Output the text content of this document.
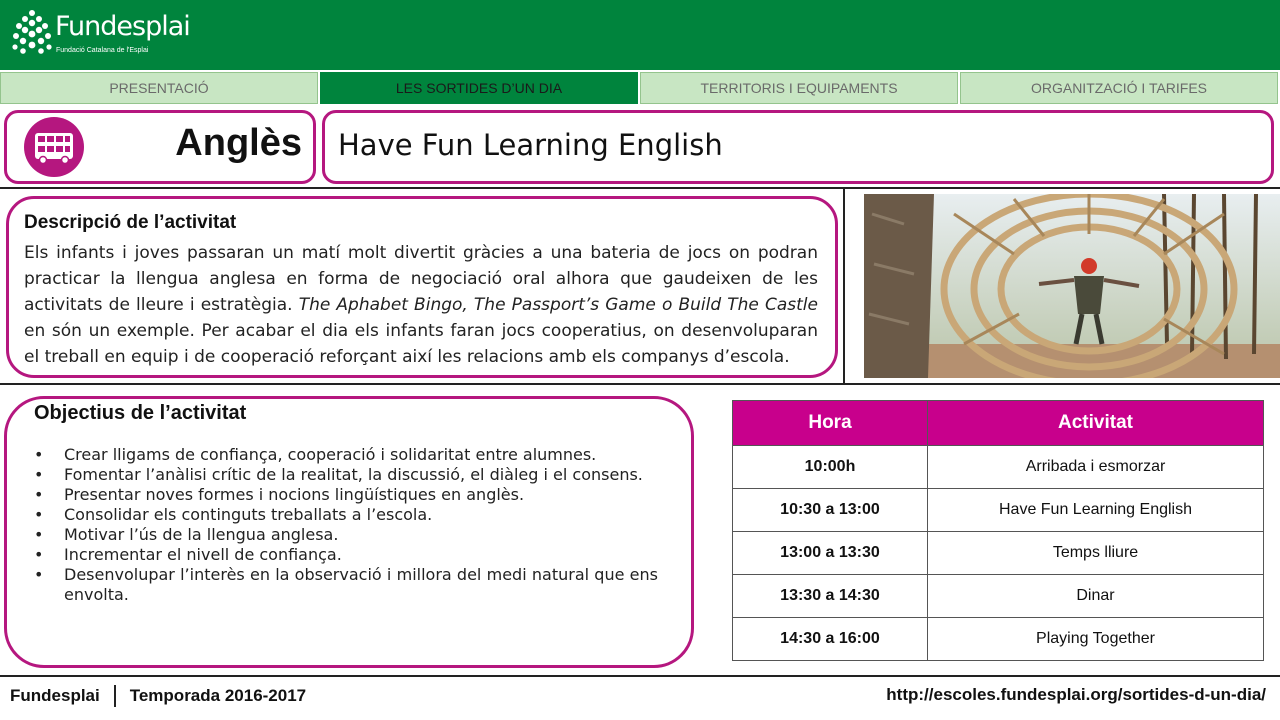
Fundesplai
Fundació Catalana de l'Esplai
PRESENTACIÓ	LES SORTIDES D’UN DIA	TERRITORIS I EQUIPAMENTS	ORGANITZACIÓ I TARIFES
Anglès Have Fun Learning English
Descripció de l’activitat
Els infants i joves passaran un matí molt divertit gràcies a una bateria de jocs on podran practicar la llengua anglesa en forma de negociació oral alhora que gaudeixen de les activitats de lleure i estratègia. The Aphabet Bingo, The Passport’s Game o Build The Castle en són un exemple. Per acabar el dia els infants faran jocs cooperatius, on desenvoluparan el treball en equip i de cooperació reforçant així les relacions amb els companys d’escola.
Objectius de l’activitat
• Crear lligams de confiança, cooperació i solidaritat entre alumnes.
• Fomentar l’anàlisi crític de la realitat, la discussió, el diàleg i el consens.
• Presentar noves formes i nocions lingüístiques en anglès.
• Consolidar els continguts treballats a l’escola.
• Motivar l’ús de la llengua anglesa.
• Incrementar el nivell de confiança.
• Desenvolupar l’interès en la observació i millora del medi natural que ens envolta.
Hora	Activitat
10:00h	Arribada i esmorzar
10:30 a 13:00	Have Fun Learning English
13:00 a 13:30	Temps lliure
13:30 a 14:30	Dinar
14:30 a 16:00	Playing Together
Fundesplai Temporada 2016-2017	http://escoles.fundesplai.org/sortides-d-un-dia/
